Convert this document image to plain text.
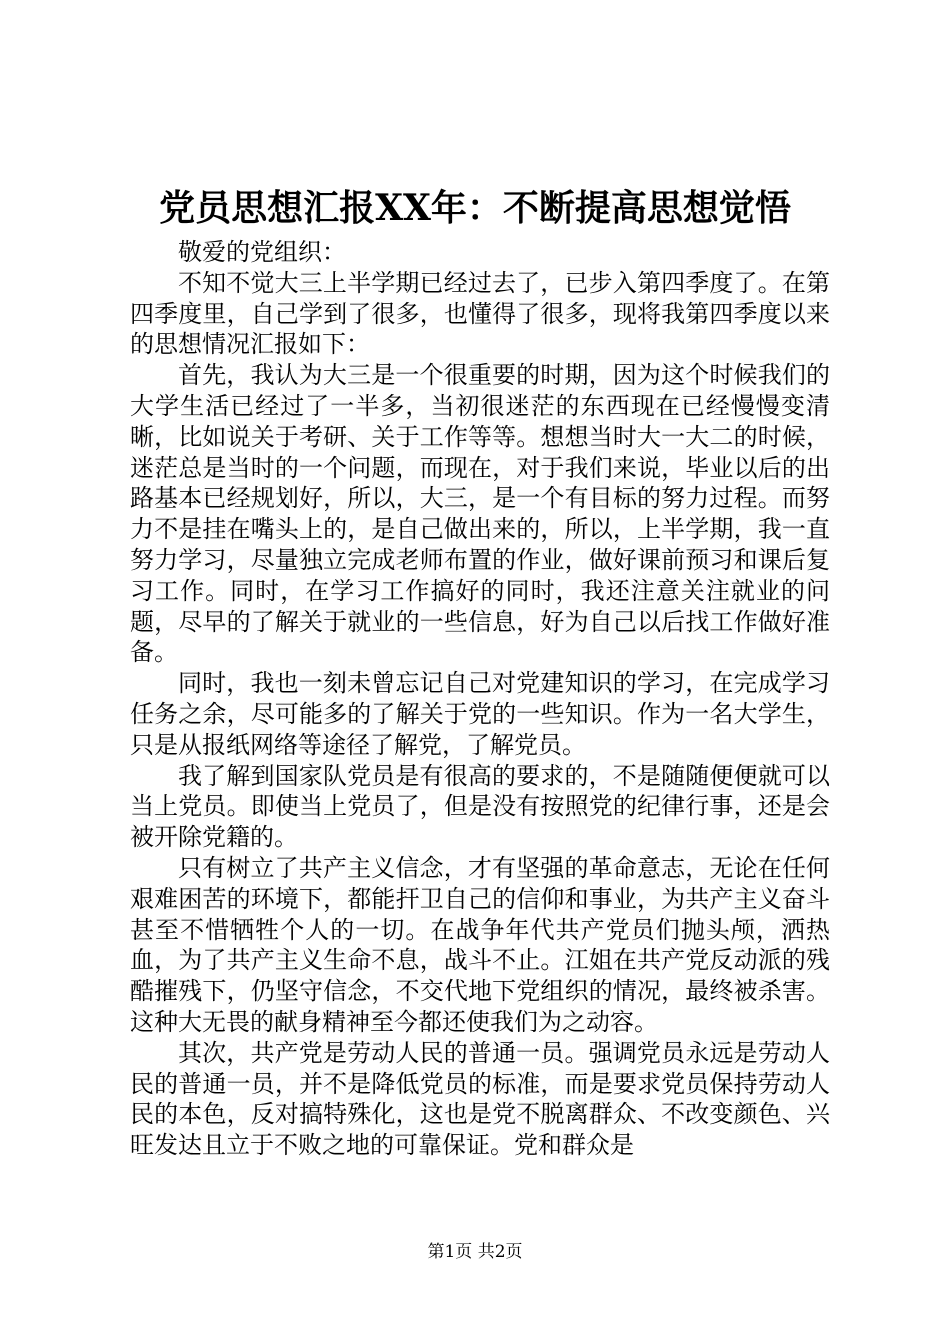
党员思想汇报XX年：不断提高思想觉悟

敬爱的党组织：

不知不觉大三上半学期已经过去了，已步入第四季度了。在第四季度里，自己学到了很多，也懂得了很多，现将我第四季度以来的思想情况汇报如下：

首先，我认为大三是一个很重要的时期，因为这个时候我们的大学生活已经过了一半多，当初很迷茫的东西现在已经慢慢变清晰，比如说关于考研、关于工作等等。想想当时大一大二的时候，迷茫总是当时的一个问题，而现在，对于我们来说，毕业以后的出路基本已经规划好，所以，大三，是一个有目标的努力过程。而努力不是挂在嘴头上的，是自己做出来的，所以，上半学期，我一直努力学习，尽量独立完成老师布置的作业，做好课前预习和课后复习工作。同时，在学习工作搞好的同时，我还注意关注就业的问题，尽早的了解关于就业的一些信息，好为自己以后找工作做好准备。

同时，我也一刻未曾忘记自己对党建知识的学习，在完成学习任务之余，尽可能多的了解关于党的一些知识。作为一名大学生，只是从报纸网络等途径了解党，了解党员。

我了解到国家队党员是有很高的要求的，不是随随便便就可以当上党员。即使当上党员了，但是没有按照党的纪律行事，还是会被开除党籍的。

只有树立了共产主义信念，才有坚强的革命意志，无论在任何艰难困苦的环境下，都能扞卫自己的信仰和事业，为共产主义奋斗甚至不惜牺牲个人的一切。在战争年代共产党员们抛头颅，洒热血，为了共产主义生命不息，战斗不止。江姐在共产党反动派的残酷摧残下，仍坚守信念，不交代地下党组织的情况，最终被杀害。这种大无畏的献身精神至今都还使我们为之动容。

其次，共产党是劳动人民的普通一员。强调党员永远是劳动人民的普通一员，并不是降低党员的标准，而是要求党员保持劳动人民的本色，反对搞特殊化，这也是党不脱离群众、不改变颜色、兴旺发达且立于不败之地的可靠保证。党和群众是

第1页 共2页
